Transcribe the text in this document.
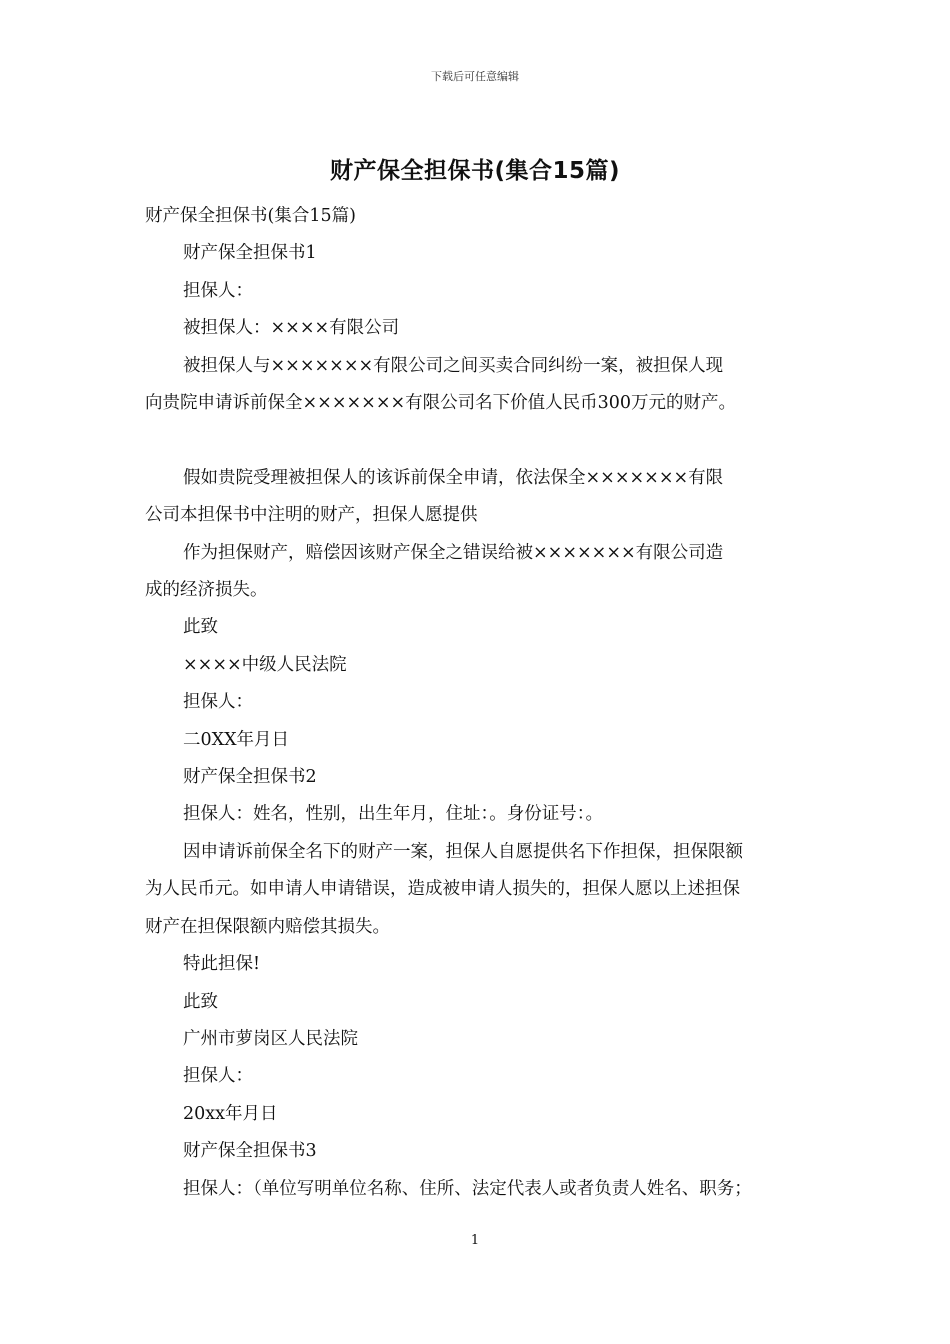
下载后可任意编辑
财产保全担保书(集合15篇)
财产保全担保书(集合15篇)
财产保全担保书1
担保人：
被担保人：××××有限公司
被担保人与×××××××有限公司之间买卖合同纠纷一案，被担保人现
向贵院申请诉前保全×××××××有限公司名下价值人民币300万元的财产。
假如贵院受理被担保人的该诉前保全申请，依法保全×××××××有限
公司本担保书中注明的财产，担保人愿提供
作为担保财产，赔偿因该财产保全之错误给被×××××××有限公司造
成的经济损失。
此致
××××中级人民法院
担保人：
二0XX年月日
财产保全担保书2
担保人：姓名，性别，出生年月，住址：。身份证号：。
因申请诉前保全名下的财产一案，担保人自愿提供名下作担保，担保限额
为人民币元。如申请人申请错误，造成被申请人损失的，担保人愿以上述担保
财产在担保限额内赔偿其损失。
特此担保!
此致
广州市萝岗区人民法院
担保人：
20xx年月日
财产保全担保书3
担保人：（单位写明单位名称、住所、法定代表人或者负责人姓名、职务；
1
